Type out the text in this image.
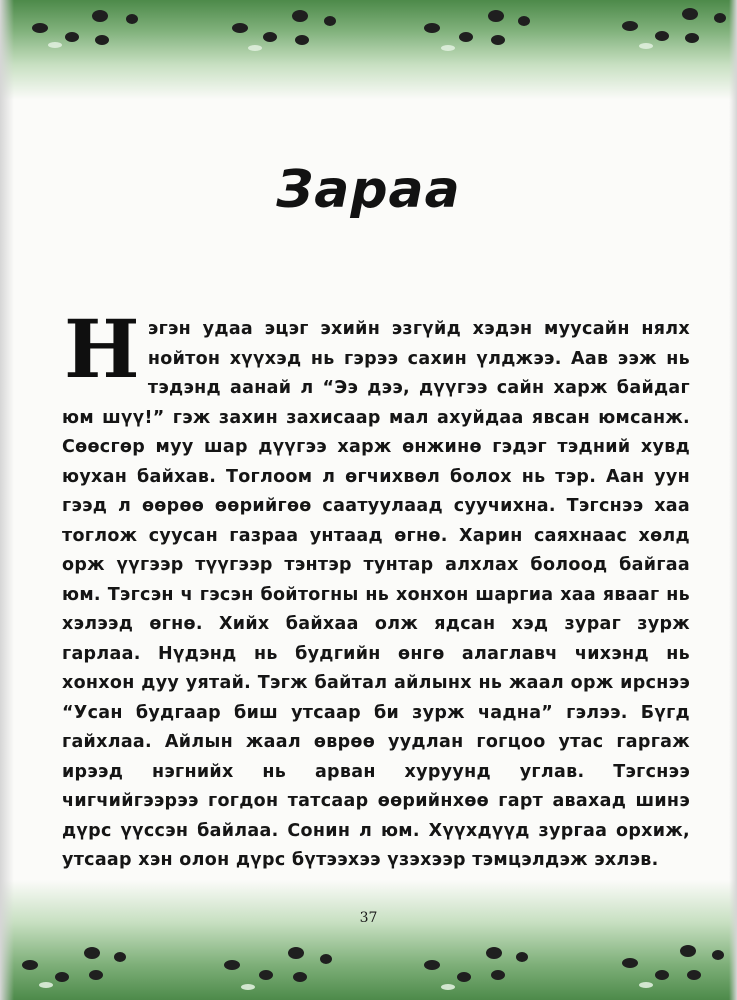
Зараа

Нэгэн удаа эцэг эхийн эзгүйд хэдэн муусайн нялх нойтон хүүхэд нь гэрээ сахин үлджээ. Аав ээж нь тэдэнд аанай л “Ээ дээ, дүүгээ сайн харж байдаг юм шүү!” гэж захин захисаар мал ахуйдаа явсан юмсанж. Сөөсгөр муу шар дүүгээ харж өнжинө гэдэг тэдний хувд юухан байхав. Тоглоом л өгчихвөл болох нь тэр. Аан уун гээд л өөрөө өөрийгөө саатуулаад суучихна. Тэгснээ хаа тоглож суусан газраа унтаад өгнө. Харин саяхнаас хөлд орж үүгээр түүгээр тэнтэр тунтар алхлах болоод байгаа юм. Тэгсэн ч гэсэн бойтогны нь хонхон шаргиа хаа явааг нь хэлээд өгнө. Хийх байхаа олж ядсан хэд зураг зурж гарлаа. Нүдэнд нь будгийн өнгө алаглавч чихэнд нь хонхон дуу уятай. Тэгж байтал айлынх нь жаал орж ирснээ “Усан будгаар биш утсаар би зурж чадна” гэлээ. Бүгд гайхлаа. Айлын жаал өврөө уудлан гогцоо утас гаргаж ирээд нэгнийх нь арван хуруунд углав. Тэгснээ чигчийгээрээ гогдон татсаар өөрийнхөө гарт авахад шинэ дүрс үүссэн байлаа. Сонин л юм. Хүүхдүүд зургаа орхиж, утсаар хэн олон дүрс бүтээхээ үзэхээр тэмцэлдэж эхлэв.

37
